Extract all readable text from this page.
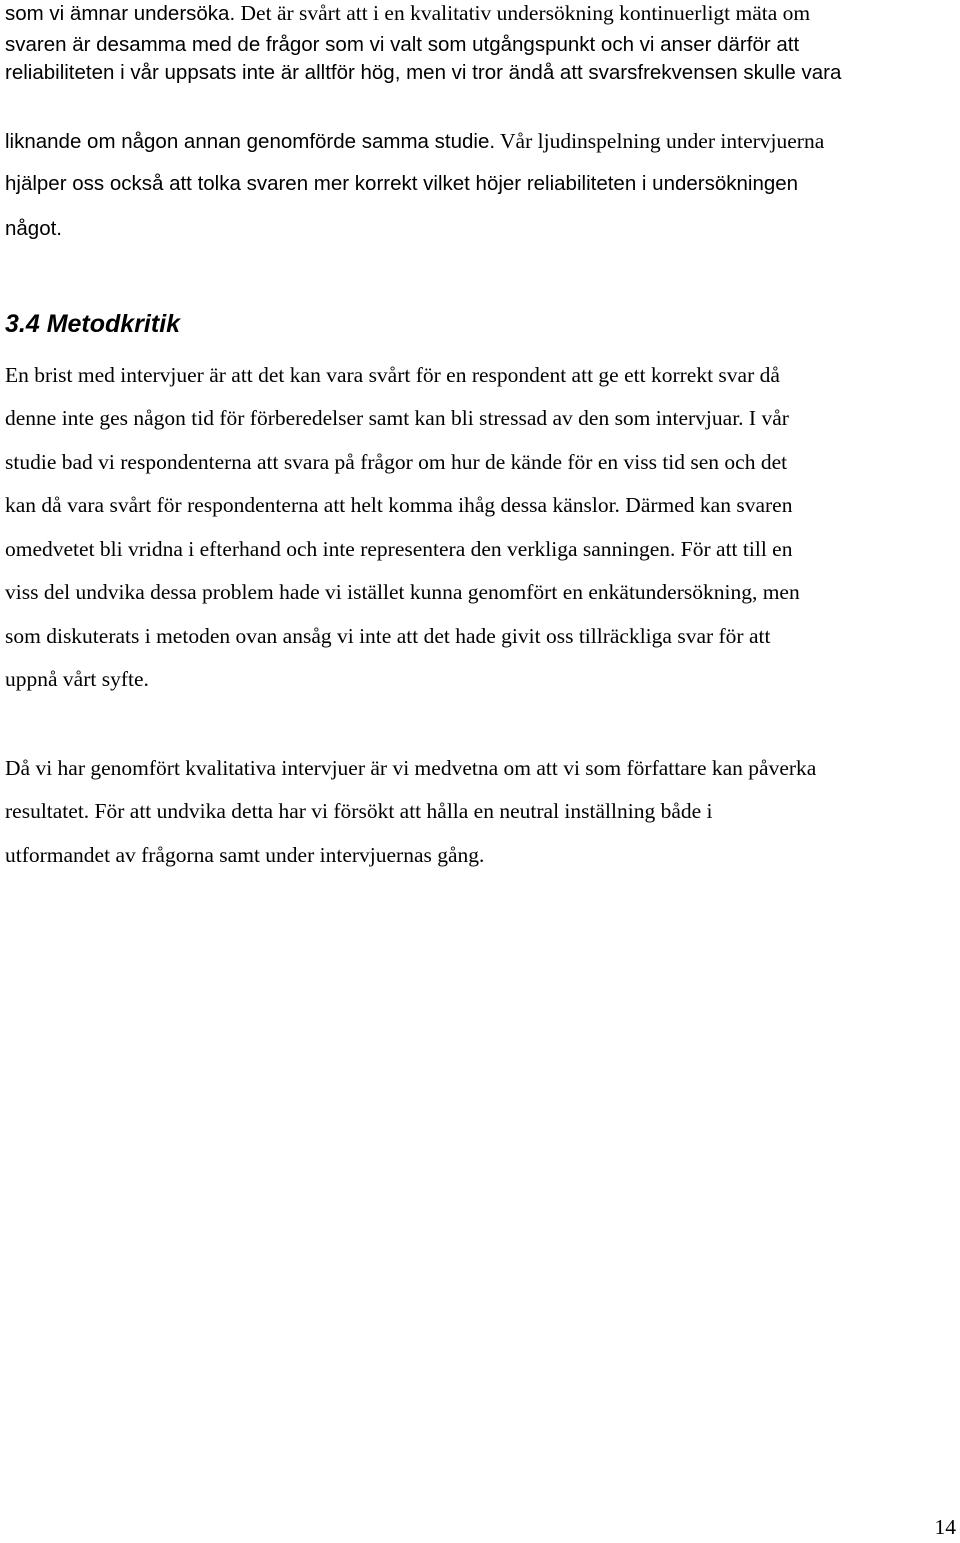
som vi ämnar undersöka. Det är svårt att i en kvalitativ undersökning kontinuerligt mäta om
svaren är desamma med de frågor som vi valt som utgångspunkt och vi anser därför att
reliabiliteten i vår uppsats inte är alltför hög, men vi tror ändå att svarsfrekvensen skulle vara
liknande om någon annan genomförde samma studie. Vår ljudinspelning under intervjuerna
hjälper oss också att tolka svaren mer korrekt vilket höjer reliabiliteten i undersökningen
något.
3.4 Metodkritik
En brist med intervjuer är att det kan vara svårt för en respondent att ge ett korrekt svar då
denne inte ges någon tid för förberedelser samt kan bli stressad av den som intervjuar. I vår
studie bad vi respondenterna att svara på frågor om hur de kände för en viss tid sen och det
kan då vara svårt för respondenterna att helt komma ihåg dessa känslor. Därmed kan svaren
omedvetet bli vridna i efterhand och inte representera den verkliga sanningen. För att till en
viss del undvika dessa problem hade vi istället kunna genomfört en enkätundersökning, men
som diskuterats i metoden ovan ansåg vi inte att det hade givit oss tillräckliga svar för att
uppnå vårt syfte.
Då vi har genomfört kvalitativa intervjuer är vi medvetna om att vi som författare kan påverka
resultatet. För att undvika detta har vi försökt att hålla en neutral inställning både i
utformandet av frågorna samt under intervjuernas gång.
14
